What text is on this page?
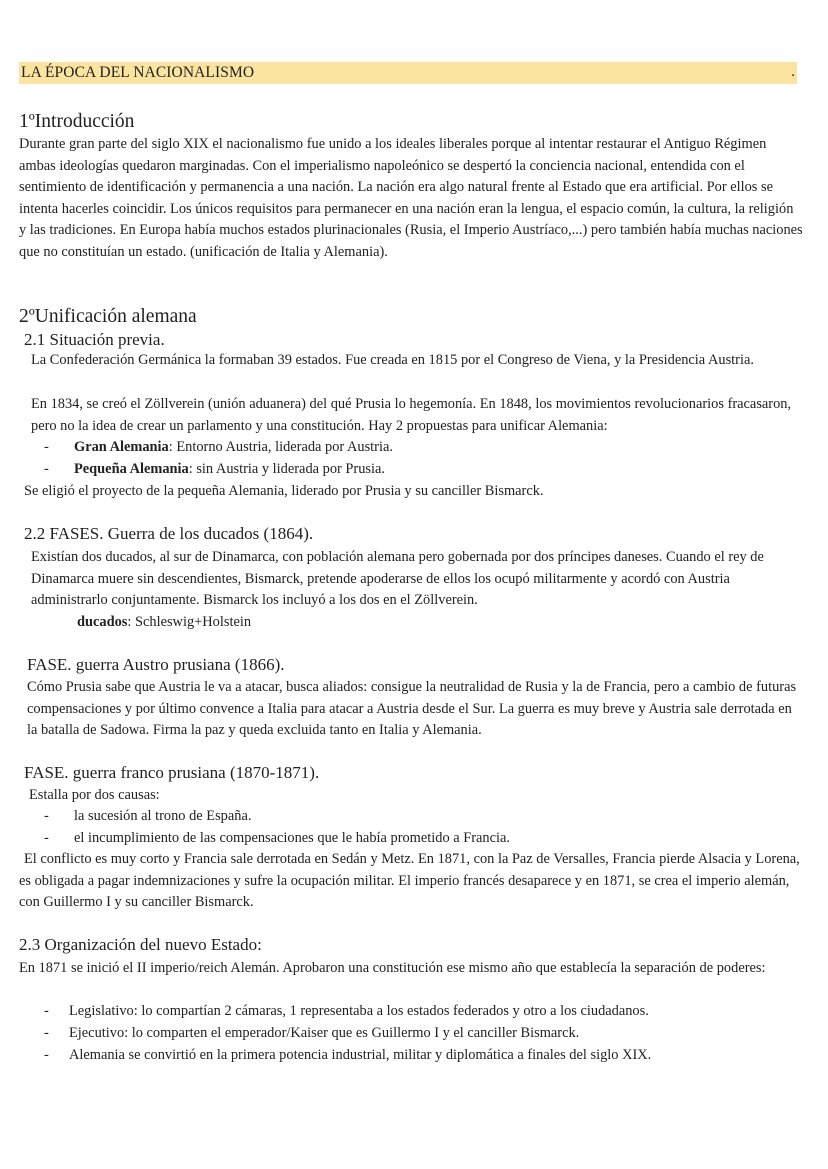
LA ÉPOCA DEL NACIONALISMO	.
1ºIntroducción
Durante gran parte del siglo XIX el nacionalismo fue unido a los ideales liberales porque al intentar restaurar el Antiguo Régimen ambas ideologías quedaron marginadas. Con el imperialismo napoleónico se despertó la conciencia nacional, entendida con el sentimiento de identificación y permanencia a una nación. La nación era algo natural frente al Estado que era artificial. Por ellos se intenta hacerles coincidir. Los únicos requisitos para permanecer en una nación eran la lengua, el espacio común, la cultura, la religión y las tradiciones. En Europa había muchos estados plurinacionales (Rusia, el Imperio Austríaco,...) pero también había muchas naciones que no constituían un estado. (unificación de Italia y Alemania).
2ºUnificación alemana
2.1 Situación previa.
La Confederación Germánica la formaban 39 estados. Fue creada en 1815 por el Congreso de Viena, y la Presidencia Austria.
En 1834, se creó el Zöllverein (unión aduanera) del qué Prusia lo hegemonía. En 1848, los movimientos revolucionarios fracasaron, pero no la idea de crear un parlamento y una constitución. Hay 2 propuestas para unificar Alemania:
- Gran Alemania: Entorno Austria, liderada por Austria.
- Pequeña Alemania: sin Austria y liderada por Prusia.
Se eligió el proyecto de la pequeña Alemania, liderado por Prusia y su canciller Bismarck.
2.2 FASES. Guerra de los ducados (1864).
Existían dos ducados, al sur de Dinamarca, con población alemana pero gobernada por dos príncipes daneses. Cuando el rey de Dinamarca muere sin descendientes, Bismarck, pretende apoderarse de ellos los ocupó militarmente y acordó con Austria administrarlo conjuntamente. Bismarck los incluyó a los dos en el Zöllverein.
ducados: Schleswig+Holstein
FASE. guerra Austro prusiana (1866).
Cómo Prusia sabe que Austria le va a atacar, busca aliados: consigue la neutralidad de Rusia y la de Francia, pero a cambio de futuras compensaciones y por último convence a Italia para atacar a Austria desde el Sur. La guerra es muy breve y Austria sale derrotada en la batalla de Sadowa. Firma la paz y queda excluida tanto en Italia y Alemania.
FASE. guerra franco prusiana (1870-1871).
Estalla por dos causas:
- la sucesión al trono de España.
- el incumplimiento de las compensaciones que le había prometido a Francia.
El conflicto es muy corto y Francia sale derrotada en Sedán y Metz. En 1871, con la Paz de Versalles, Francia pierde Alsacia y Lorena, es obligada a pagar indemnizaciones y sufre la ocupación militar. El imperio francés desaparece y en 1871, se crea el imperio alemán, con Guillermo I y su canciller Bismarck.
2.3 Organización del nuevo Estado:
En 1871 se inició el II imperio/reich Alemán. Aprobaron una constitución ese mismo año que establecía la separación de poderes:
- Legislativo: lo compartían 2 cámaras, 1 representaba a los estados federados y otro a los ciudadanos.
- Ejecutivo: lo comparten el emperador/Kaiser que es Guillermo I y el canciller Bismarck.
- Alemania se convirtió en la primera potencia industrial, militar y diplomática a finales del siglo XIX.
